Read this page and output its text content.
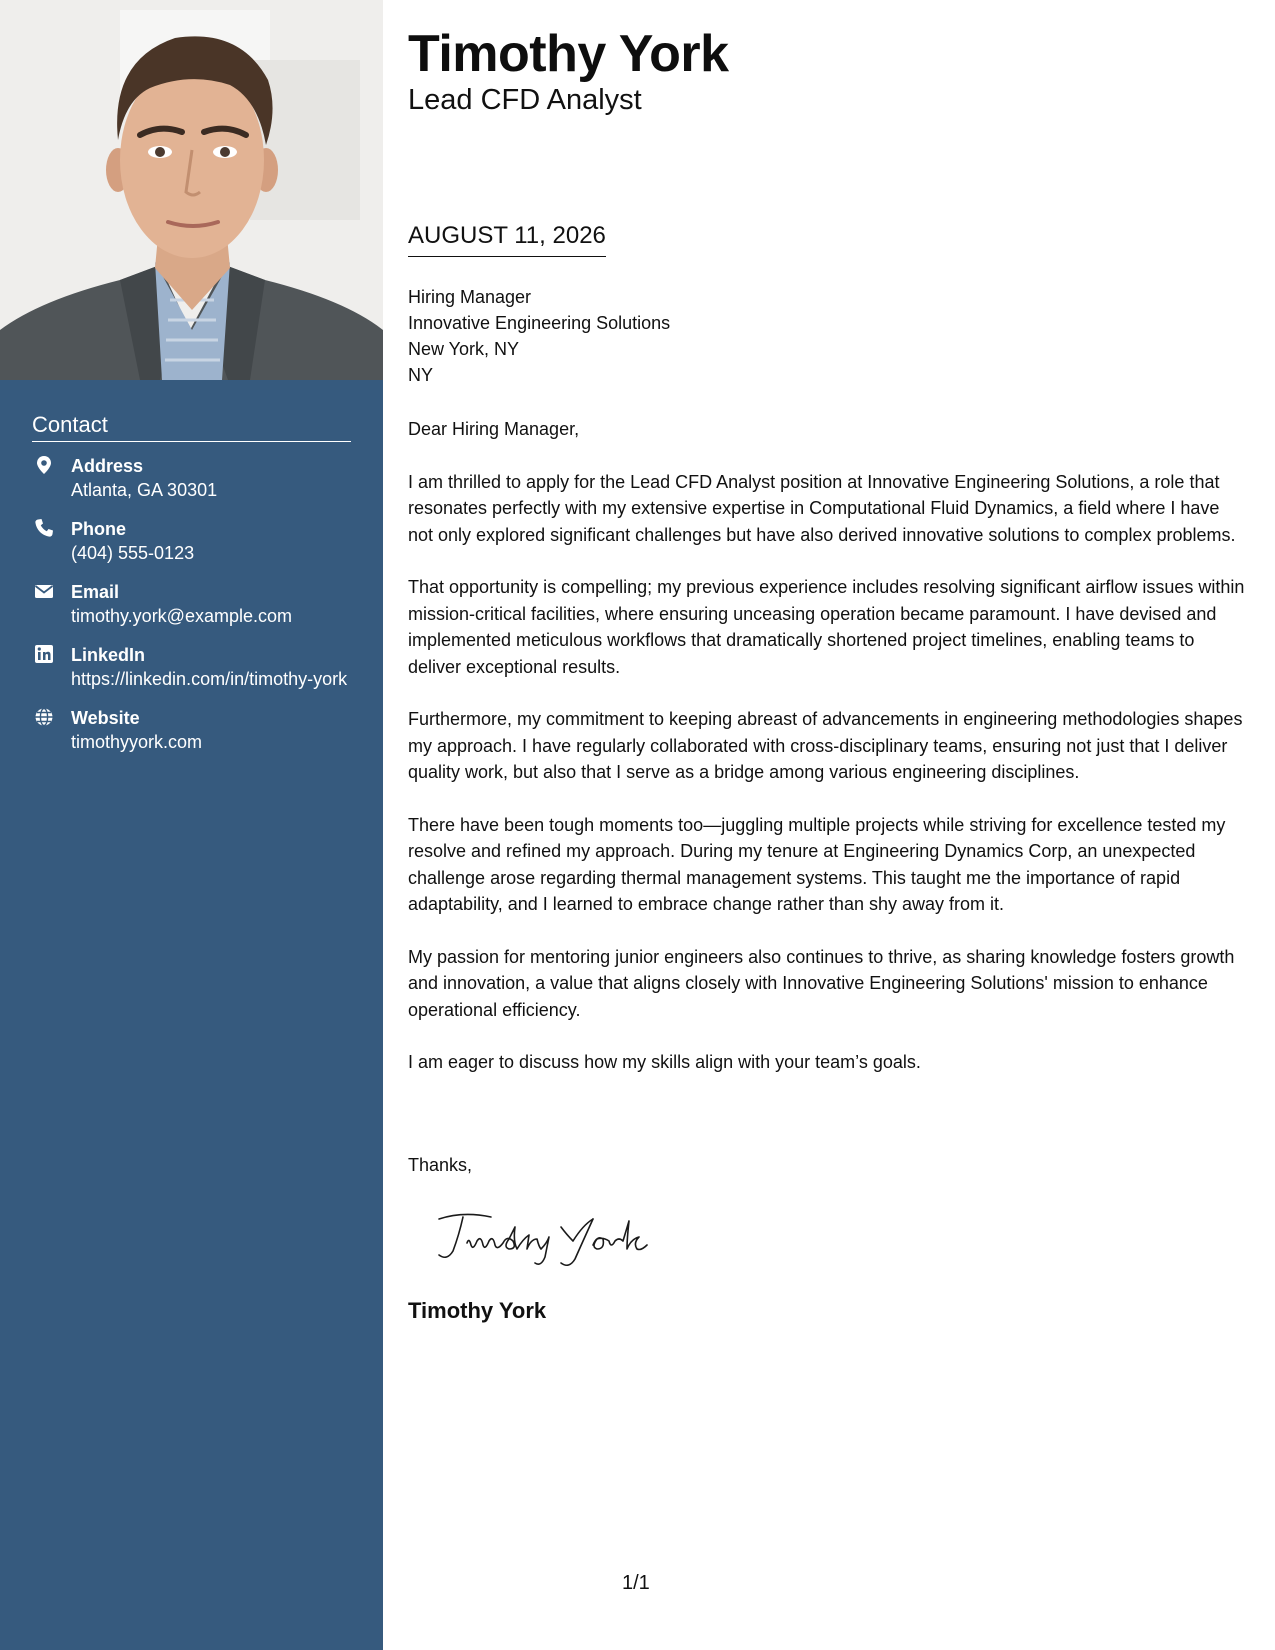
Contact
Address
Atlanta, GA 30301
Phone
(404) 555-0123
Email
timothy.york@example.com
LinkedIn
https://linkedin.com/in/timothy-york
Website
timothyyork.com
Timothy York
Lead CFD Analyst
AUGUST 11, 2026
Hiring Manager
Innovative Engineering Solutions
New York, NY
NY

Dear Hiring Manager,

I am thrilled to apply for the Lead CFD Analyst position at Innovative Engineering Solutions, a role that resonates perfectly with my extensive expertise in Computational Fluid Dynamics, a field where I have not only explored significant challenges but have also derived innovative solutions to complex problems.

That opportunity is compelling; my previous experience includes resolving significant airflow issues within mission-critical facilities, where ensuring unceasing operation became paramount. I have devised and implemented meticulous workflows that dramatically shortened project timelines, enabling teams to deliver exceptional results.

Furthermore, my commitment to keeping abreast of advancements in engineering methodologies shapes my approach. I have regularly collaborated with cross-disciplinary teams, ensuring not just that I deliver quality work, but also that I serve as a bridge among various engineering disciplines.

There have been tough moments too—juggling multiple projects while striving for excellence tested my resolve and refined my approach. During my tenure at Engineering Dynamics Corp, an unexpected challenge arose regarding thermal management systems. This taught me the importance of rapid adaptability, and I learned to embrace change rather than shy away from it.

My passion for mentoring junior engineers also continues to thrive, as sharing knowledge fosters growth and innovation, a value that aligns closely with Innovative Engineering Solutions' mission to enhance operational efficiency.

I am eager to discuss how my skills align with your team’s goals.

Thanks,
Timothy York
1/1
